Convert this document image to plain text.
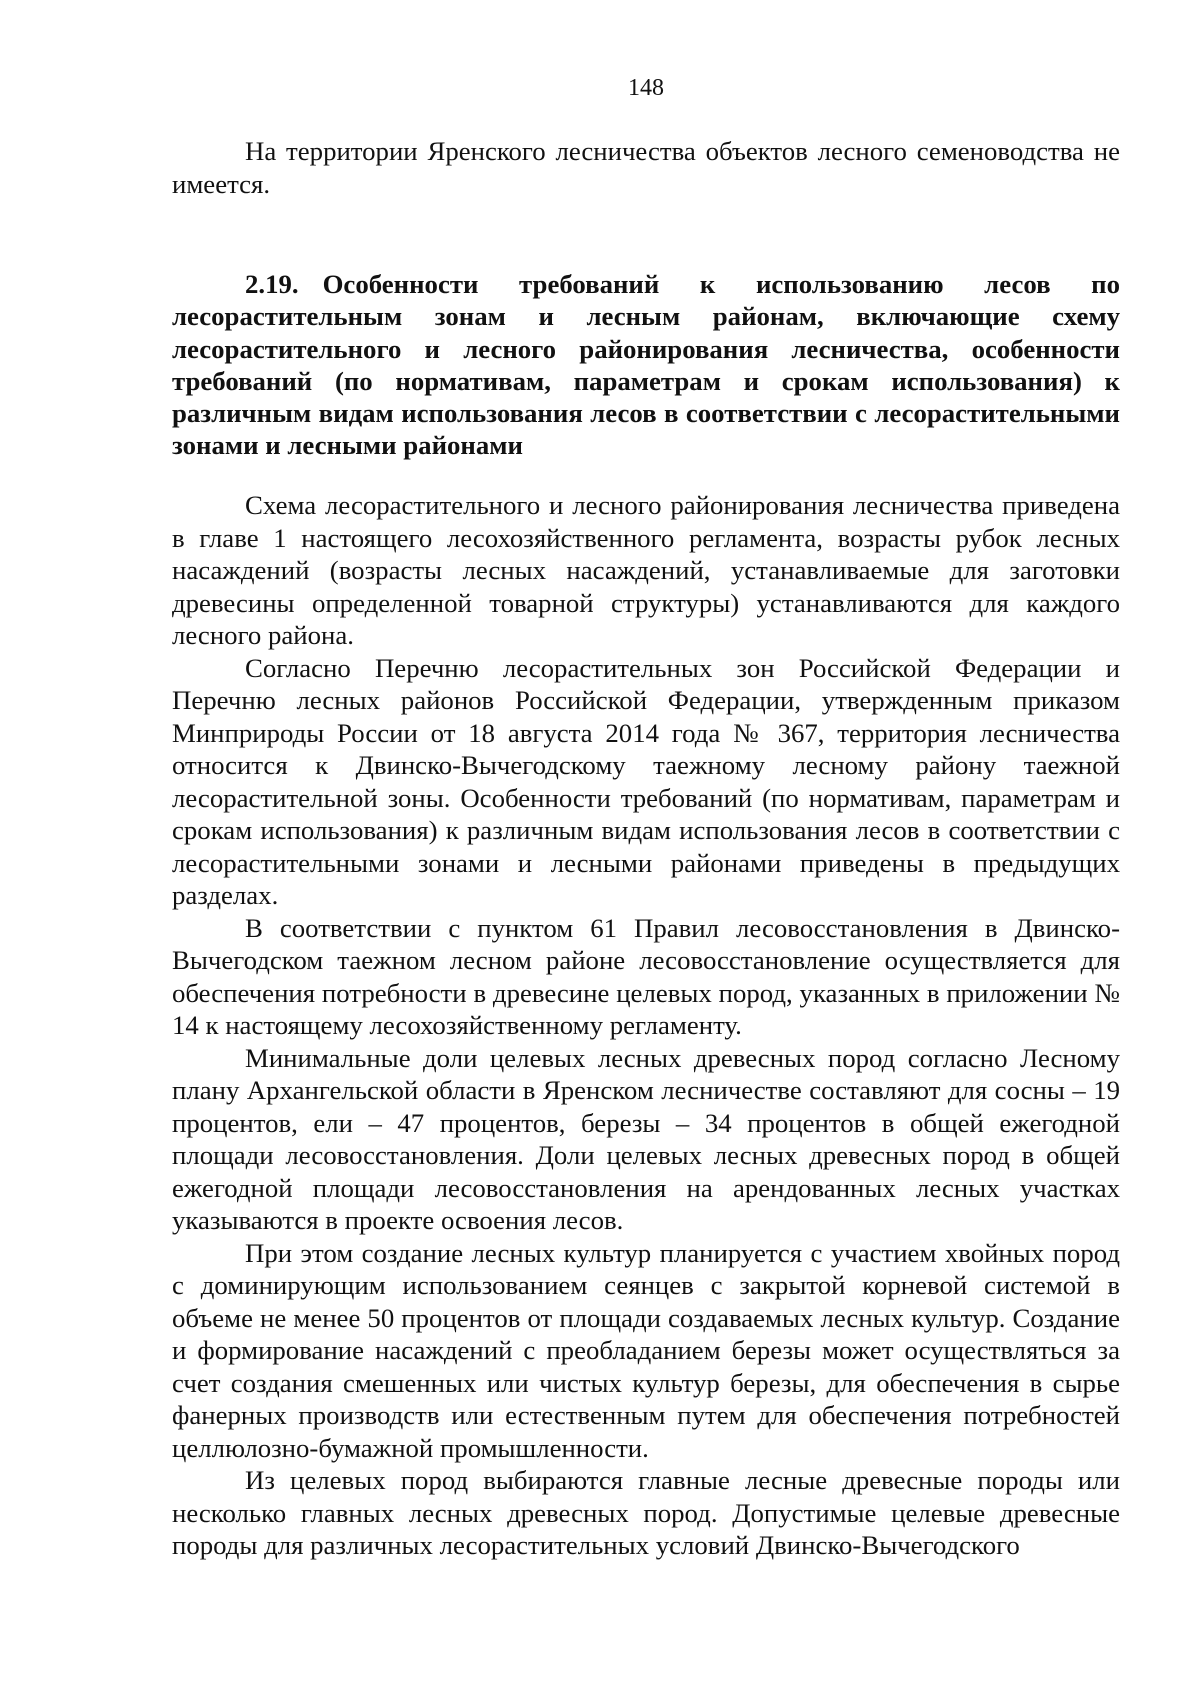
148

На территории Яренского лесничества объектов лесного семеноводства не имеется.

2.19. Особенности требований к использованию лесов по лесорастительным зонам и лесным районам, включающие схему лесорастительного и лесного районирования лесничества, особенности требований (по нормативам, параметрам и срокам использования) к различным видам использования лесов в соответствии с лесорастительными зонами и лесными районами

Схема лесорастительного и лесного районирования лесничества приведена в главе 1 настоящего лесохозяйственного регламента, возрасты рубок лесных насаждений (возрасты лесных насаждений, устанавливаемые для заготовки древесины определенной товарной структуры) устанавливаются для каждого лесного района.

Согласно Перечню лесорастительных зон Российской Федерации и Перечню лесных районов Российской Федерации, утвержденным приказом Минприроды России от 18 августа 2014 года № 367, территория лесничества относится к Двинско-Вычегодскому таежному лесному району таежной лесорастительной зоны. Особенности требований (по нормативам, параметрам и срокам использования) к различным видам использования лесов в соответствии с лесорастительными зонами и лесными районами приведены в предыдущих разделах.

В соответствии с пунктом 61 Правил лесовосстановления в Двинско-Вычегодском таежном лесном районе лесовосстановление осуществляется для обеспечения потребности в древесине целевых пород, указанных в приложении № 14 к настоящему лесохозяйственному регламенту.

Минимальные доли целевых лесных древесных пород согласно Лесному плану Архангельской области в Яренском лесничестве составляют для сосны – 19 процентов, ели – 47 процентов, березы – 34 процентов в общей ежегодной площади лесовосстановления. Доли целевых лесных древесных пород в общей ежегодной площади лесовосстановления на арендованных лесных участках указываются в проекте освоения лесов.

При этом создание лесных культур планируется с участием хвойных пород с доминирующим использованием сеянцев с закрытой корневой системой в объеме не менее 50 процентов от площади создаваемых лесных культур. Создание и формирование насаждений с преобладанием березы может осуществляться за счет создания смешенных или чистых культур березы, для обеспечения в сырье фанерных производств или естественным путем для обеспечения потребностей целлюлозно-бумажной промышленности.

Из целевых пород выбираются главные лесные древесные породы или несколько главных лесных древесных пород. Допустимые целевые древесные породы для различных лесорастительных условий Двинско-Вычегодского
